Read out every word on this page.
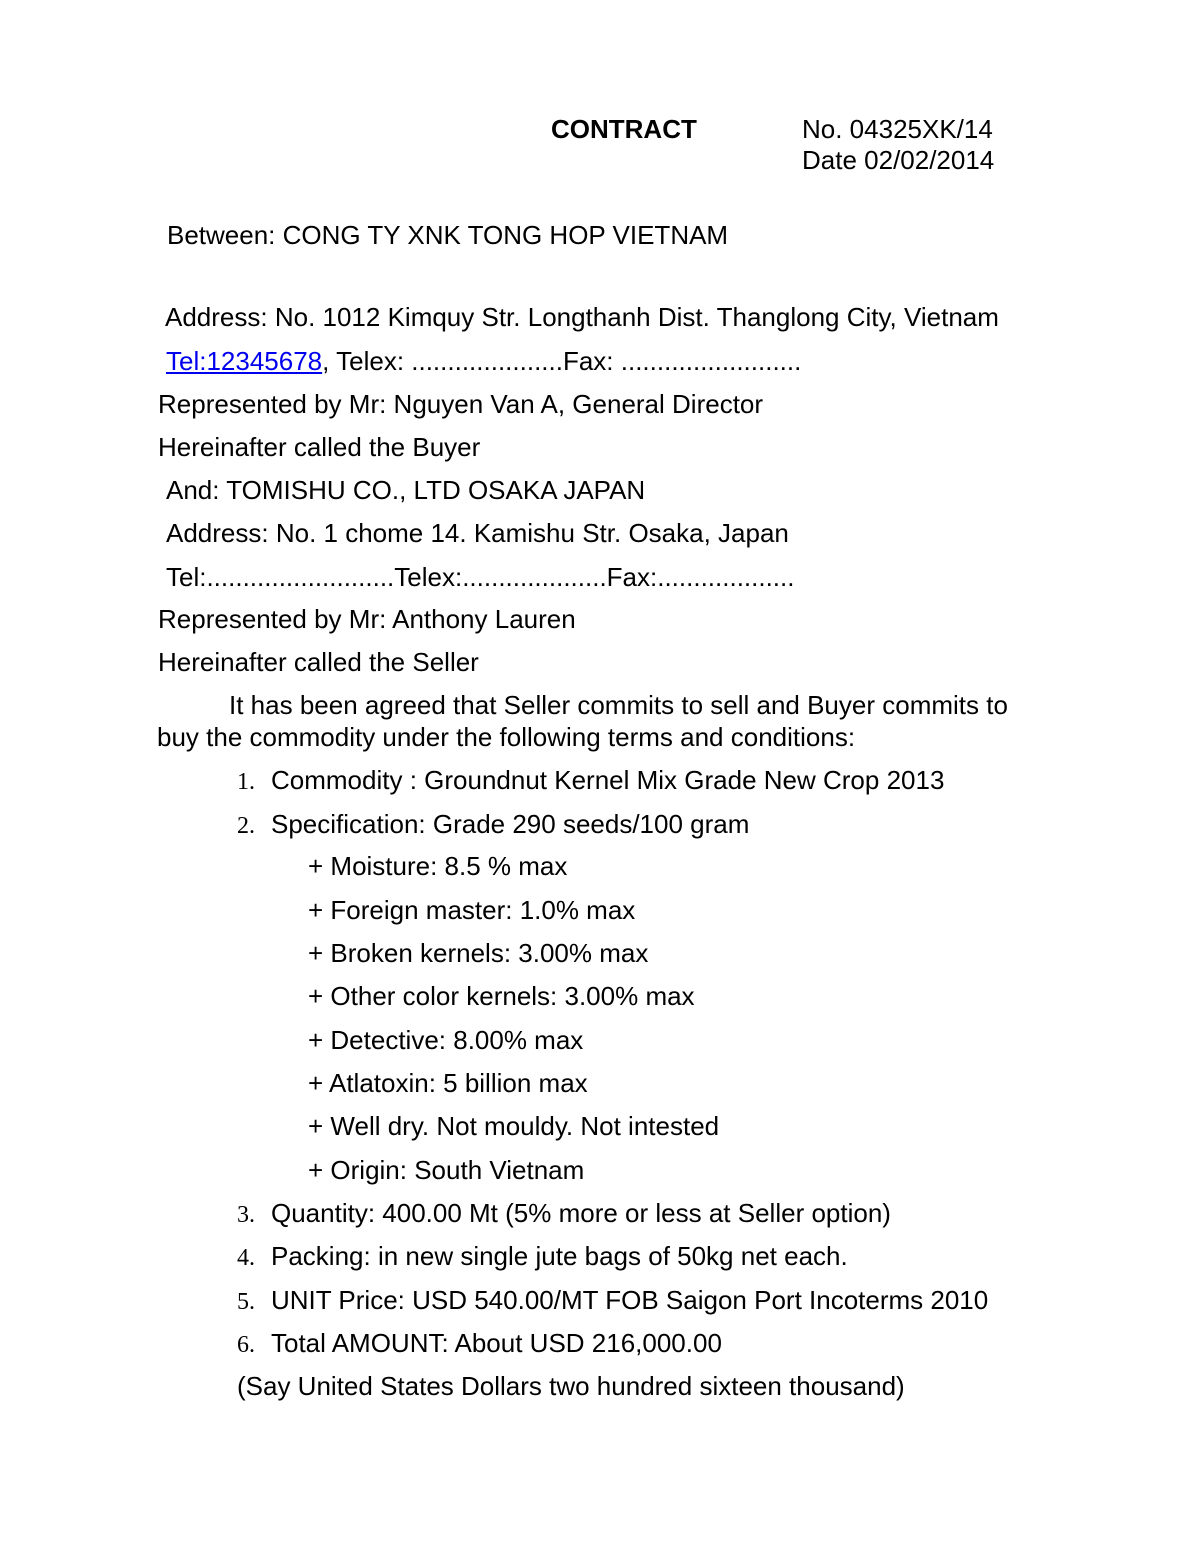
CONTRACT	No. 04325XK/14
Date 02/02/2014
Between: CONG TY XNK TONG HOP VIETNAM
Address: No. 1012 Kimquy Str. Longthanh Dist. Thanglong City, Vietnam
Tel:12345678, Telex: .....................Fax: .........................
Represented by Mr: Nguyen Van A, General Director
Hereinafter called the Buyer
And: TOMISHU CO., LTD OSAKA JAPAN
Address: No. 1 chome 14. Kamishu Str. Osaka, Japan
Tel:..........................Telex:....................Fax:...................
Represented by Mr: Anthony Lauren
Hereinafter called the Seller
It has been agreed that Seller commits to sell and Buyer commits to
buy the commodity under the following terms and conditions:
1. Commodity : Groundnut Kernel Mix Grade New Crop 2013
2. Specification: Grade 290 seeds/100 gram
+ Moisture: 8.5 % max
+ Foreign master: 1.0% max
+ Broken kernels: 3.00% max
+ Other color kernels: 3.00% max
+ Detective: 8.00% max
+ Atlatoxin: 5 billion max
+ Well dry. Not mouldy. Not intested
+ Origin: South Vietnam
3. Quantity: 400.00 Mt (5% more or less at Seller option)
4. Packing: in new single jute bags of 50kg net each.
5. UNIT Price: USD 540.00/MT FOB Saigon Port Incoterms 2010
6. Total AMOUNT: About USD 216,000.00
(Say United States Dollars two hundred sixteen thousand)
